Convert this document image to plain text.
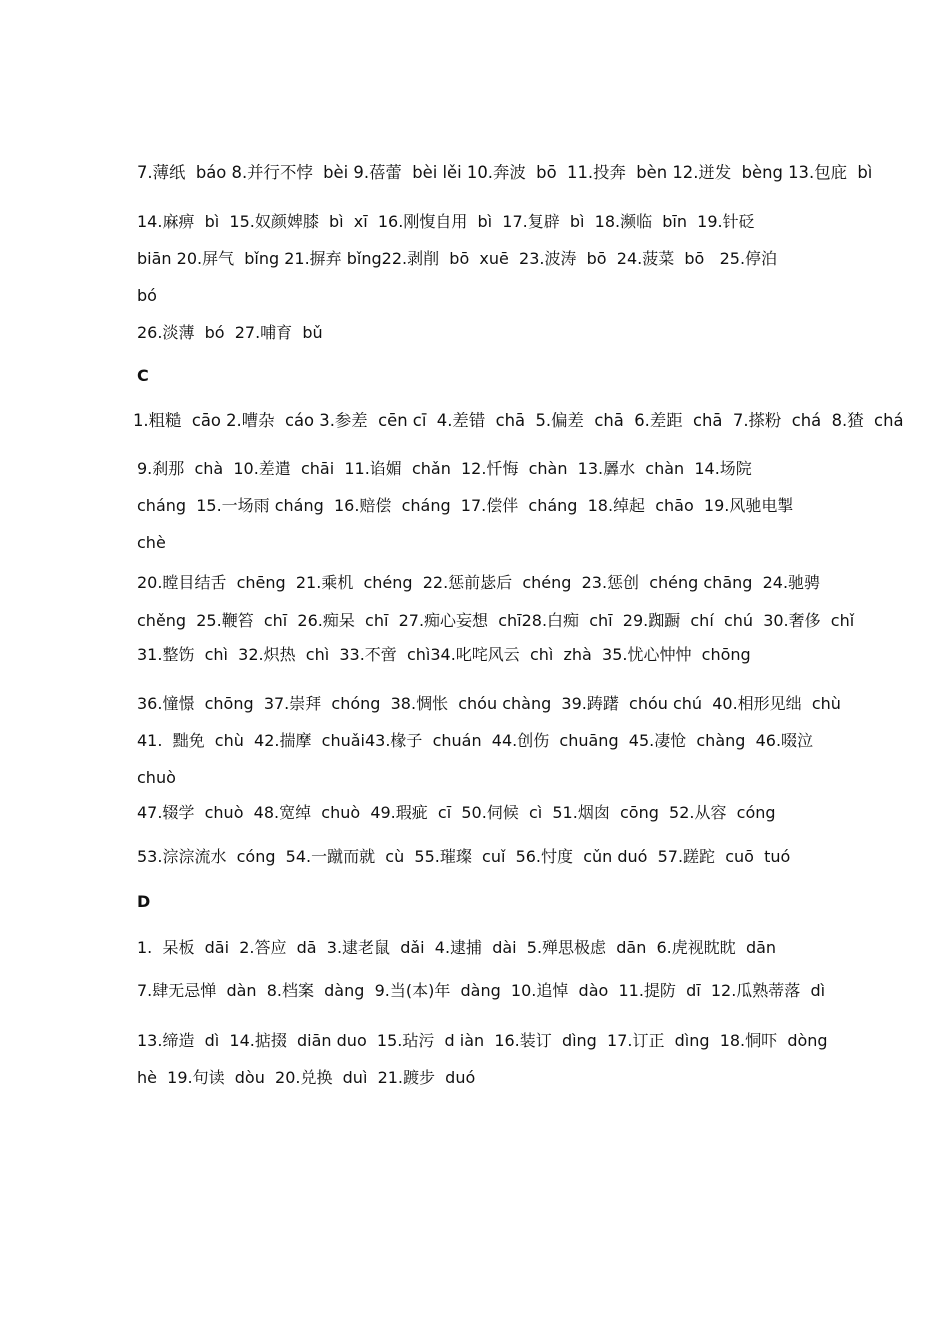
7.薄纸  báo 8.并行不悖  bèi 9.蓓蕾  bèi lěi 10.奔波  bō  11.投奔  bèn 12.迸发  bèng 13.包庇  bì
14.麻痹  bì  15.奴颜婢膝  bì  xī  16.刚愎自用  bì  17.复辟  bì  18.濒临  bīn  19.针砭
biān 20.屏气  bǐng 21.摒弃 bǐng22.剥削  bō  xuē  23.波涛  bō  24.菠菜  bō   25.停泊
bó
26.淡薄  bó  27.哺育  bǔ
C
1.粗糙  cāo 2.嘈杂  cáo 3.参差  cēn cī  4.差错  chā  5.偏差  chā  6.差距  chā  7.搽粉  chá  8.猹  chá
9.刹那  chà  10.差遣  chāi  11.谄媚  chǎn  12.忏悔  chàn  13.羼水  chàn  14.场院
cháng  15.一场雨 cháng  16.赔偿  cháng  17.偿伴  cháng  18.绰起  chāo  19.风驰电掣
chè
20.瞠目结舌  chēng  21.乘机  chéng  22.惩前毖后  chéng  23.惩创  chéng chāng  24.驰骋
chěng  25.鞭笞  chī  26.痴呆  chī  27.痴心妄想  chī28.白痴  chī  29.踟蹰  chí  chú  30.奢侈  chǐ
31.整饬  chì  32.炽热  chì  33.不啻  chì34.叱咤风云  chì  zhà  35.忧心忡忡  chōng
36.憧憬  chōng  37.崇拜  chóng  38.惆怅  chóu chàng  39.踌躇  chóu chú  40.相形见绌  chù
41.  黜免  chù  42.揣摩  chuǎi43.椽子  chuán  44.创伤  chuāng  45.凄怆  chàng  46.啜泣
chuò
47.辍学  chuò  48.宽绰  chuò  49.瑕疵  cī  50.伺候  cì  51.烟囱  cōng  52.从容  cóng
53.淙淙流水  cóng  54.一蹴而就  cù  55.璀璨  cuǐ  56.忖度  cǔn duó  57.蹉跎  cuō  tuó
D
1.  呆板  dāi  2.答应  dā  3.逮老鼠  dǎi  4.逮捕  dài  5.殚思极虑  dān  6.虎视眈眈  dān
7.肆无忌惮  dàn  8.档案  dàng  9.当(本)年  dàng  10.追悼  dào  11.提防  dī  12.瓜熟蒂落  dì
13.缔造  dì  14.掂掇  diān duo  15.玷污  d iàn  16.装订  dìng  17.订正  dìng  18.恫吓  dòng
hè  19.句读  dòu  20.兑换  duì  21.踱步  duó
